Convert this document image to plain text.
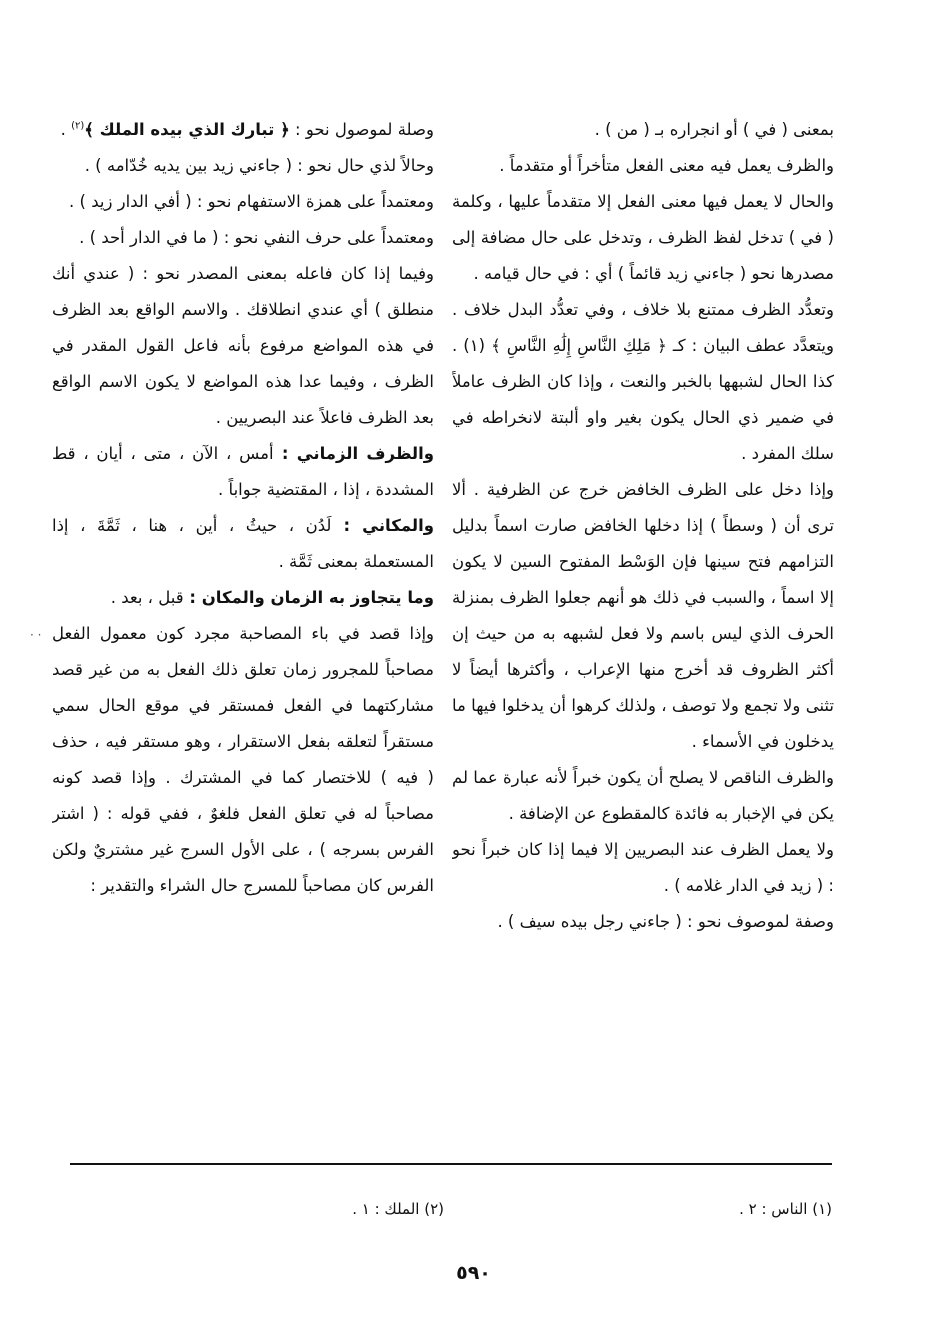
بمعنى ( في ) أو انجراره بـ ( من ) .

والظرف يعمل فيه معنى الفعل متأخراً أو متقدماً .

والحال لا يعمل فيها معنى الفعل إلا متقدماً عليها ، وكلمة ( في ) تدخل لفظ الظرف ، وتدخل على حال مضافة إلى مصدرها نحو ( جاءني زيد قائماً ) أي : في حال قيامه .

وتعدُّد الظرف ممتنع بلا خلاف ، وفي تعدُّد البدل خلاف . ويتعدَّد عطف البيان : كـ ﴿ مَلِكِ النَّاسِ إِلَٰهِ النَّاسِ ﴾ (١) . كذا الحال لشبهها بالخبر والنعت ، وإذا كان الظرف عاملاً في ضمير ذي الحال يكون بغير واو ألبتة لانخراطه في سلك المفرد .

وإذا دخل على الظرف الخافض خرج عن الظرفية . ألا ترى أن ( وسطاً ) إذا دخلها الخافض صارت اسماً بدليل التزامهم فتح سينها فإن الوَسْط المفتوح السين لا يكون إلا اسماً ، والسبب في ذلك هو أنهم جعلوا الظرف بمنزلة الحرف الذي ليس باسم ولا فعل لشبهه به من حيث إن أكثر الظروف قد أخرج منها الإعراب ، وأكثرها أيضاً لا تثنى ولا تجمع ولا توصف ، ولذلك كرهوا أن يدخلوا فيها ما يدخلون في الأسماء .

والظرف الناقص لا يصلح أن يكون خبراً لأنه عبارة عما لم يكن في الإخبار به فائدة كالمقطوع عن الإضافة .

ولا يعمل الظرف عند البصريين إلا فيما إذا كان خبراً نحو : ( زيد في الدار غلامه ) .

وصفة لموصوف نحو : ( جاءني رجل بيده سيف ) .

وصلة لموصول نحو : ﴿ تبارك الذي بيده الملك ﴾$^{(٢)}$ .

وحالاً لذي حال نحو : ( جاءني زيد بين يديه خُدّامه ) .

ومعتمداً على همزة الاستفهام نحو : ( أفي الدار زيد ) .

ومعتمداً على حرف النفي نحو : ( ما في الدار أحد ) .

وفيما إذا كان فاعله بمعنى المصدر نحو : ( عندي أنك منطلق ) أي عندي انطلاقك . والاسم الواقع بعد الظرف في هذه المواضع مرفوع بأنه فاعل القول المقدر في الظرف ، وفيما عدا هذه المواضع لا يكون الاسم الواقع بعد الظرف فاعلاً عند البصريين .

والظرف الزماني : أمس ، الآن ، متى ، أيان ، قط المشددة ، إذا ، المقتضية جواباً .

والمكاني : لَدُن ، حيثُ ، أين ، هنا ، ثَمَّةَ ، إذا المستعملة بمعنى ثَمَّة .

وما يتجاوز به الزمان والمكان : قبل ، بعد .

وإذا قصد في باء المصاحبة مجرد كون معمول الفعل مصاحباً للمجرور زمان تعلق ذلك الفعل به من غير قصد مشاركتهما في الفعل فمستقر في موقع الحال سمي مستقراً لتعلقه بفعل الاستقرار ، وهو مستقر فيه ، حذف ( فيه ) للاختصار كما في المشترك . وإذا قصد كونه مصاحباً له في تعلق الفعل فلغوٌ ، ففي قوله : ( اشتر الفرس بسرجه ) ، على الأول السرج غير مشتريٌ ولكن الفرس كان مصاحباً للمسرج حال الشراء والتقدير :

· ·
(١) الناس : ٢ .
(٢) الملك : ١ .
٥٩٠
